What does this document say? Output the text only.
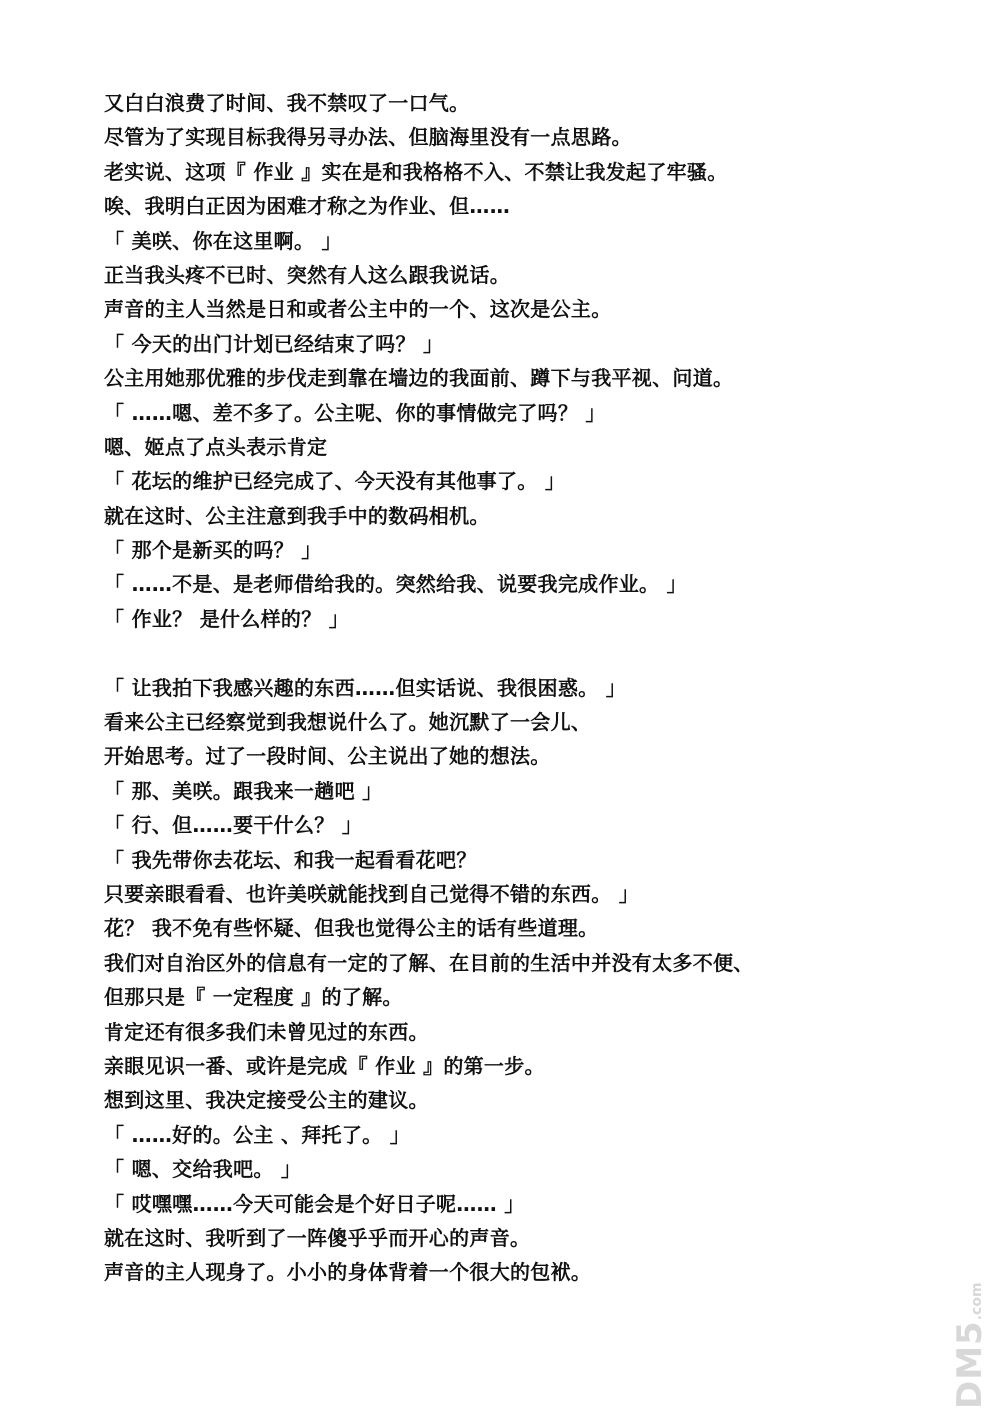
又白白浪费了时间、我不禁叹了一口气。
尽管为了实现目标我得另寻办法、但脑海里没有一点思路。
老实说、这项『 作业 』实在是和我格格不入、不禁让我发起了牢骚。
唉、我明白正因为困难才称之为作业、但……
「 美咲、你在这里啊。 」
正当我头疼不已时、突然有人这么跟我说话。
声音的主人当然是日和或者公主中的一个、这次是公主。
「 今天的出门计划已经结束了吗？ 」
公主用她那优雅的步伐走到靠在墙边的我面前、蹲下与我平视、问道。
「 ……嗯、差不多了。公主呢、你的事情做完了吗？ 」
嗯、姬点了点头表示肯定
「 花坛的维护已经完成了、今天没有其他事了。 」
就在这时、公主注意到我手中的数码相机。
「 那个是新买的吗？ 」
「 ……不是、是老师借给我的。突然给我、说要我完成作业。 」
「 作业？ 是什么样的？ 」
「 让我拍下我感兴趣的东西……但实话说、我很困惑。 」
看来公主已经察觉到我想说什么了。她沉默了一会儿、
开始思考。过了一段时间、公主说出了她的想法。
「 那、美咲。跟我来一趟吧 」
「 行、但……要干什么？ 」
「 我先带你去花坛、和我一起看看花吧？
只要亲眼看看、也许美咲就能找到自己觉得不错的东西。 」
花？ 我不免有些怀疑、但我也觉得公主的话有些道理。
我们对自治区外的信息有一定的了解、在目前的生活中并没有太多不便、
但那只是『 一定程度 』的了解。
肯定还有很多我们未曾见过的东西。
亲眼见识一番、或许是完成『 作业 』的第一步。
想到这里、我决定接受公主的建议。
「 ……好的。公主 、拜托了。 」
「 嗯、交给我吧。 」
「 哎嘿嘿……今天可能会是个好日子呢…… 」
就在这时、我听到了一阵傻乎乎而开心的声音。
声音的主人现身了。小小的身体背着一个很大的包袱。
DM5.com
